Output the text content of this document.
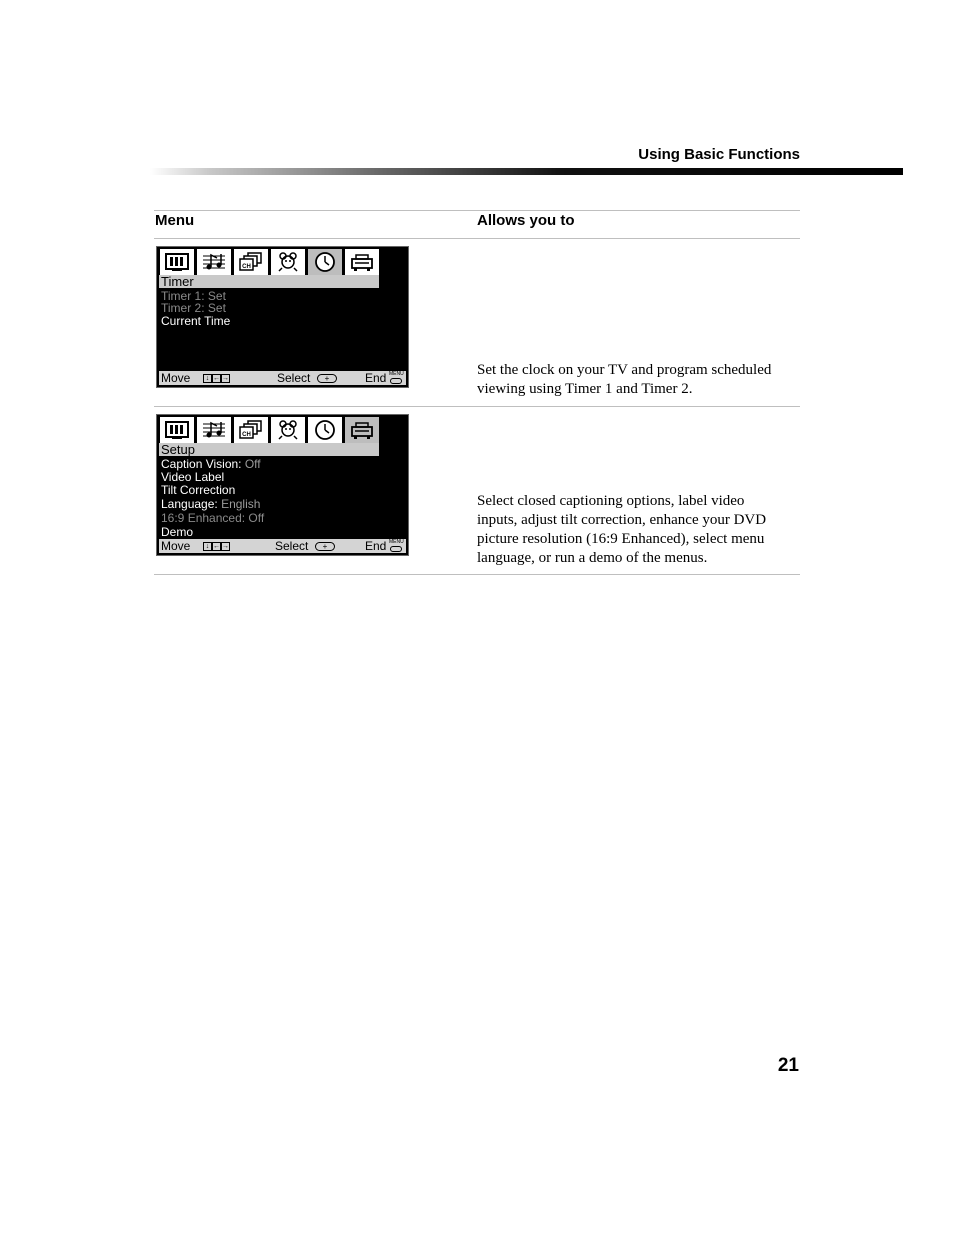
Using Basic Functions
Menu	Allows you to
CH
Timer
Timer 1: Set
Timer 2: Set
Current Time
Move	↓ ← →	Select	+	End MENU	Set the clock on your TV and program scheduled viewing using Timer 1 and Timer 2.
CH
Setup
Caption Vision: Off
Video Label
Tilt Correction
Language: English
16:9 Enhanced: Off
Demo
Move	↓ ← →	Select	+	End MENU
Select closed captioning options, label video inputs, adjust tilt correction, enhance your DVD picture resolution (16:9 Enhanced), select menu language, or run a demo of the menus.
21
